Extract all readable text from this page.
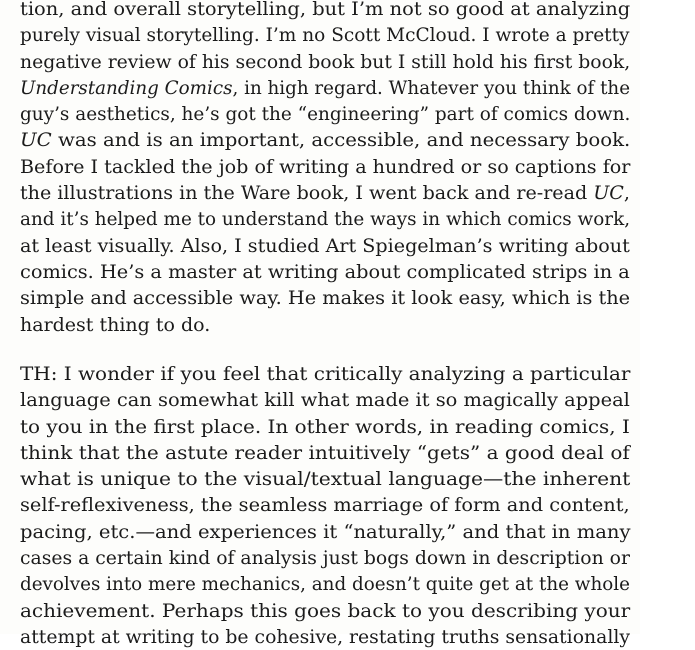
tion, and overall storytelling, but I’m not so good at analyzing
purely visual storytelling. I’m no Scott McCloud. I wrote a pretty
negative review of his second book but I still hold his first book,
Understanding Comics, in high regard. Whatever you think of the
guy’s aesthetics, he’s got the “engineering” part of comics down.
UC was and is an important, accessible, and necessary book.
Before I tackled the job of writing a hundred or so captions for
the illustrations in the Ware book, I went back and re-read UC,
and it’s helped me to understand the ways in which comics work,
at least visually. Also, I studied Art Spiegelman’s writing about
comics. He’s a master at writing about complicated strips in a
simple and accessible way. He makes it look easy, which is the
hardest thing to do.
TH: I wonder if you feel that critically analyzing a particular
language can somewhat kill what made it so magically appeal
to you in the first place. In other words, in reading comics, I
think that the astute reader intuitively “gets” a good deal of
what is unique to the visual/textual language—the inherent
self-reflexiveness, the seamless marriage of form and content,
pacing, etc.—and experiences it “naturally,” and that in many
cases a certain kind of analysis just bogs down in description or
devolves into mere mechanics, and doesn’t quite get at the whole
achievement. Perhaps this goes back to you describing your
attempt at writing to be cohesive, restating truths sensationally
